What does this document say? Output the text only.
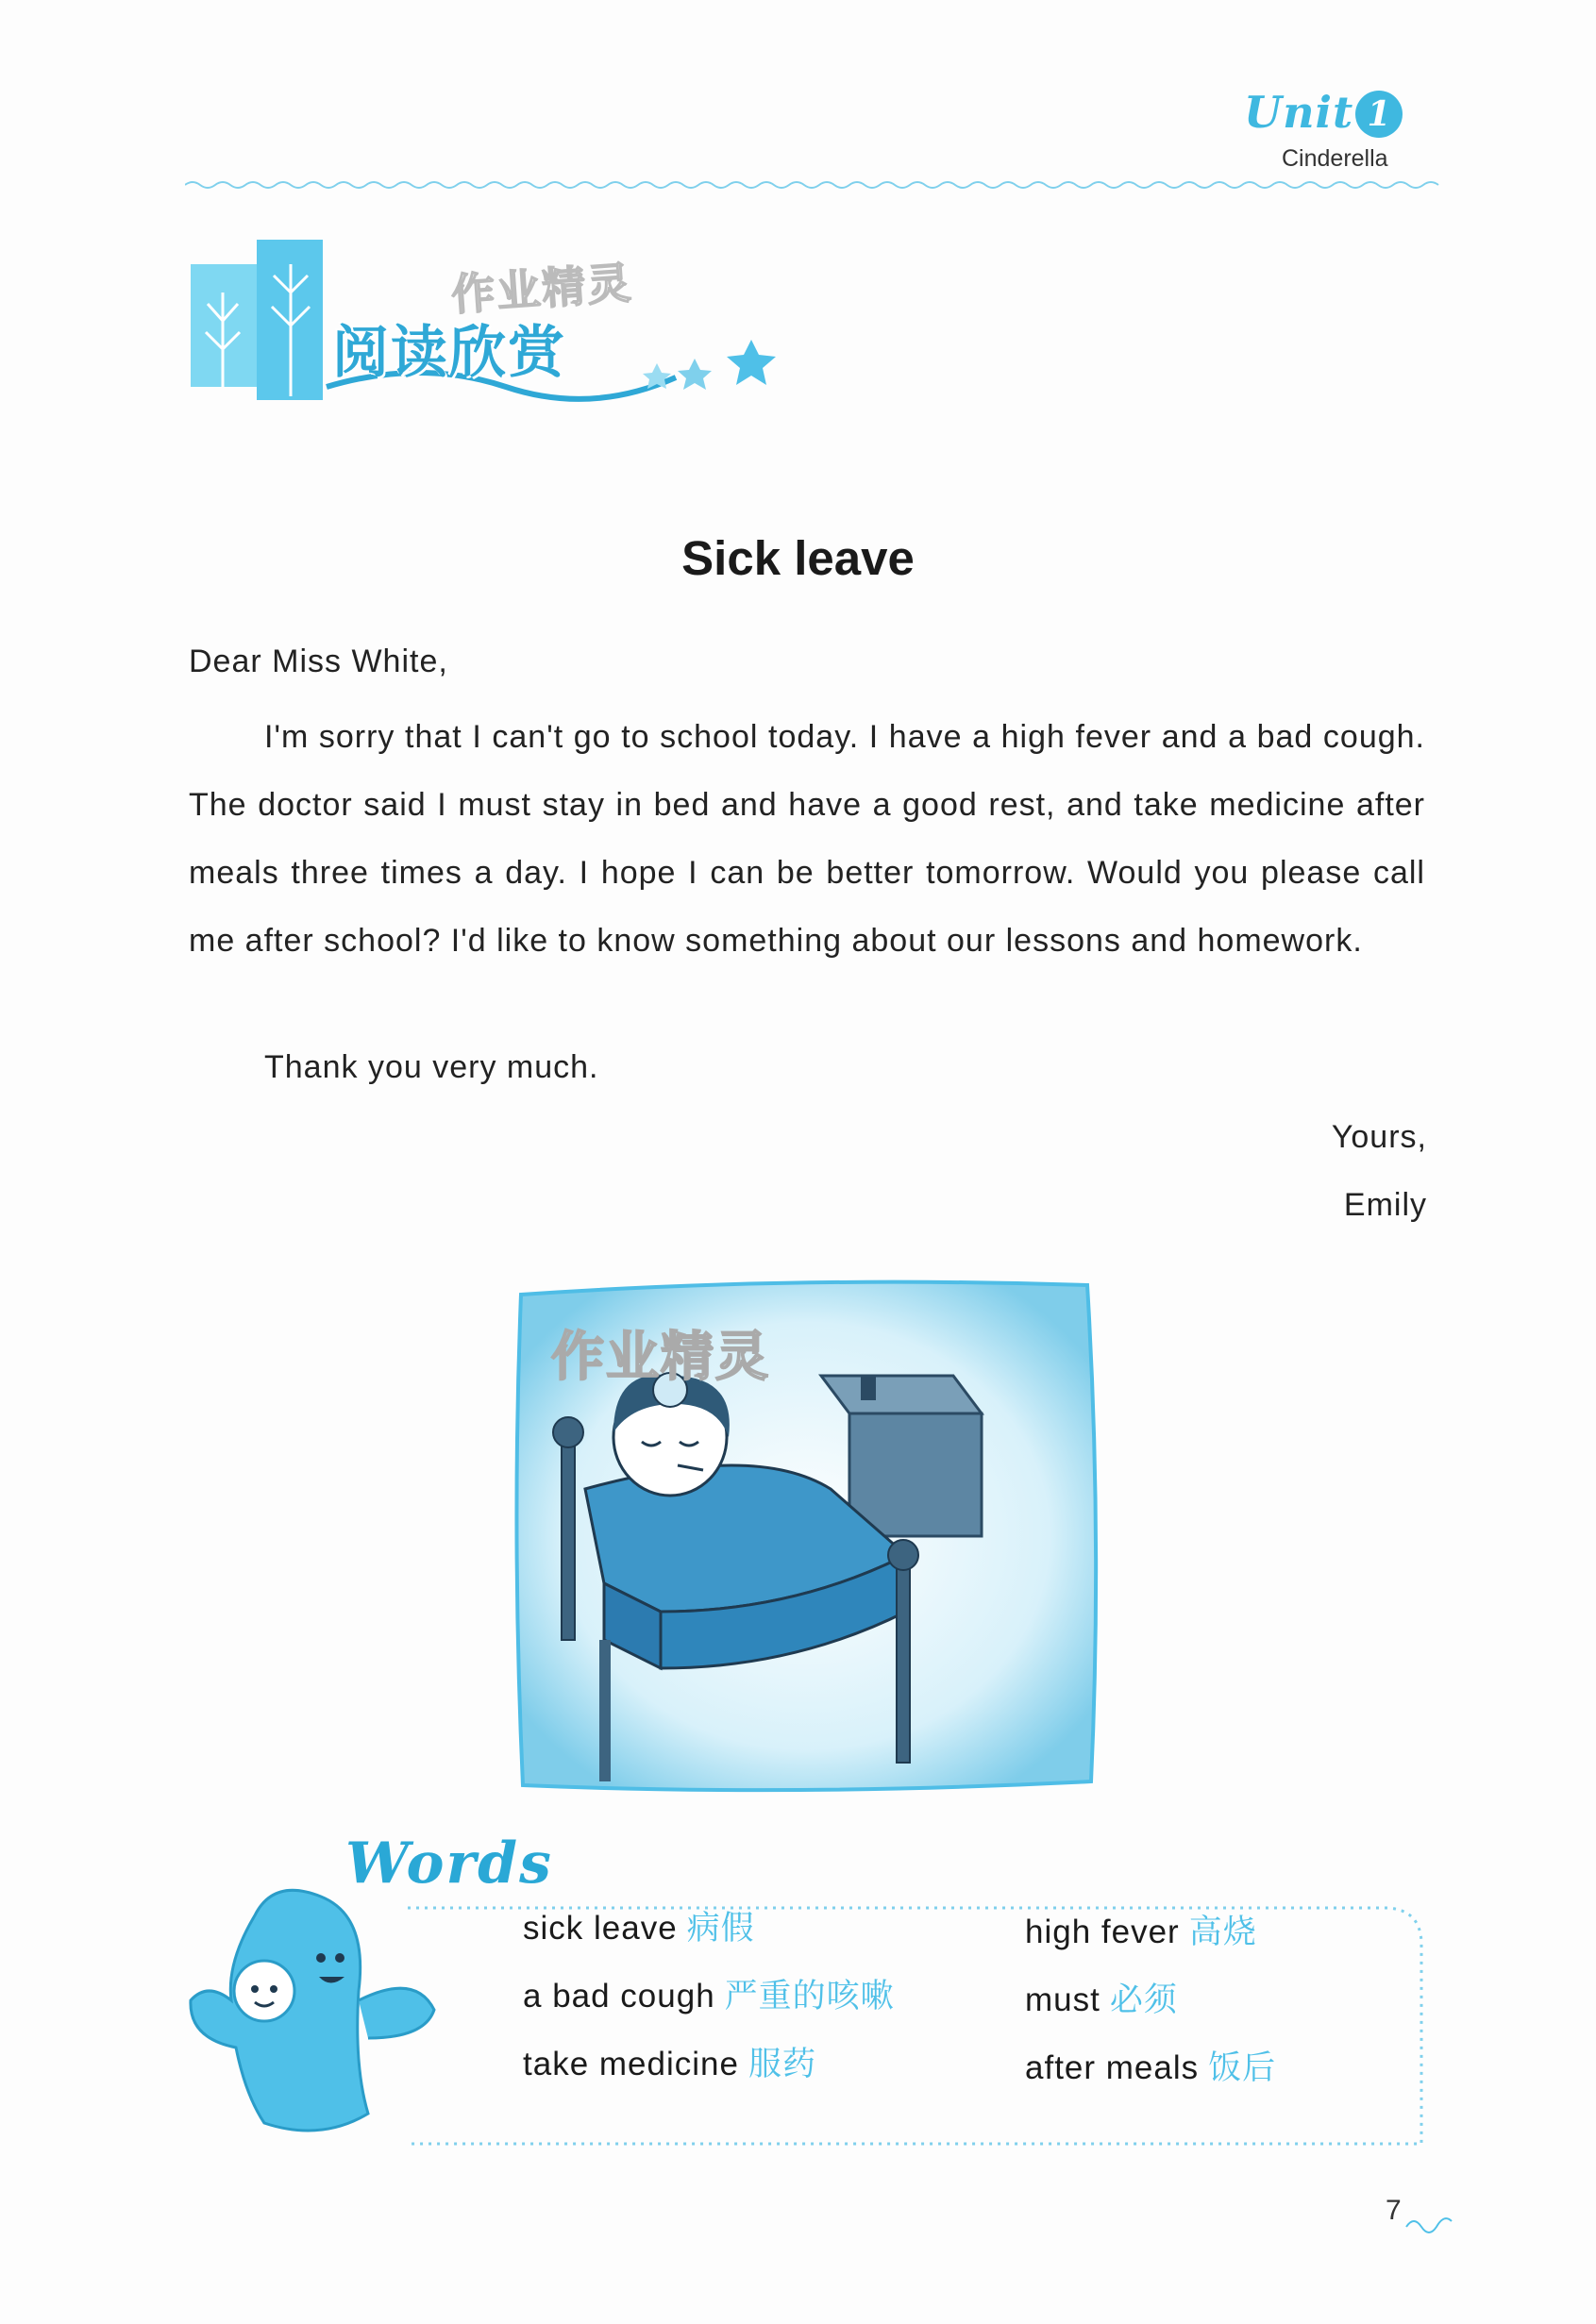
Unit 1
Cinderella
阅读欣赏
作业精灵
Sick leave
Dear Miss White,
I'm sorry that I can't go to school today. I have a high fever and a bad cough. The doctor said I must stay in bed and have a good rest, and take medicine after meals three times a day. I hope I can be better tomorrow. Would you please call me after school? I'd like to know something about our lessons and homework.
Thank you very much.
Yours,
Emily
作业精灵
Words
sick leave 病假
a bad cough 严重的咳嗽
take medicine 服药
high fever 高烧
must 必须
after meals 饭后
7
